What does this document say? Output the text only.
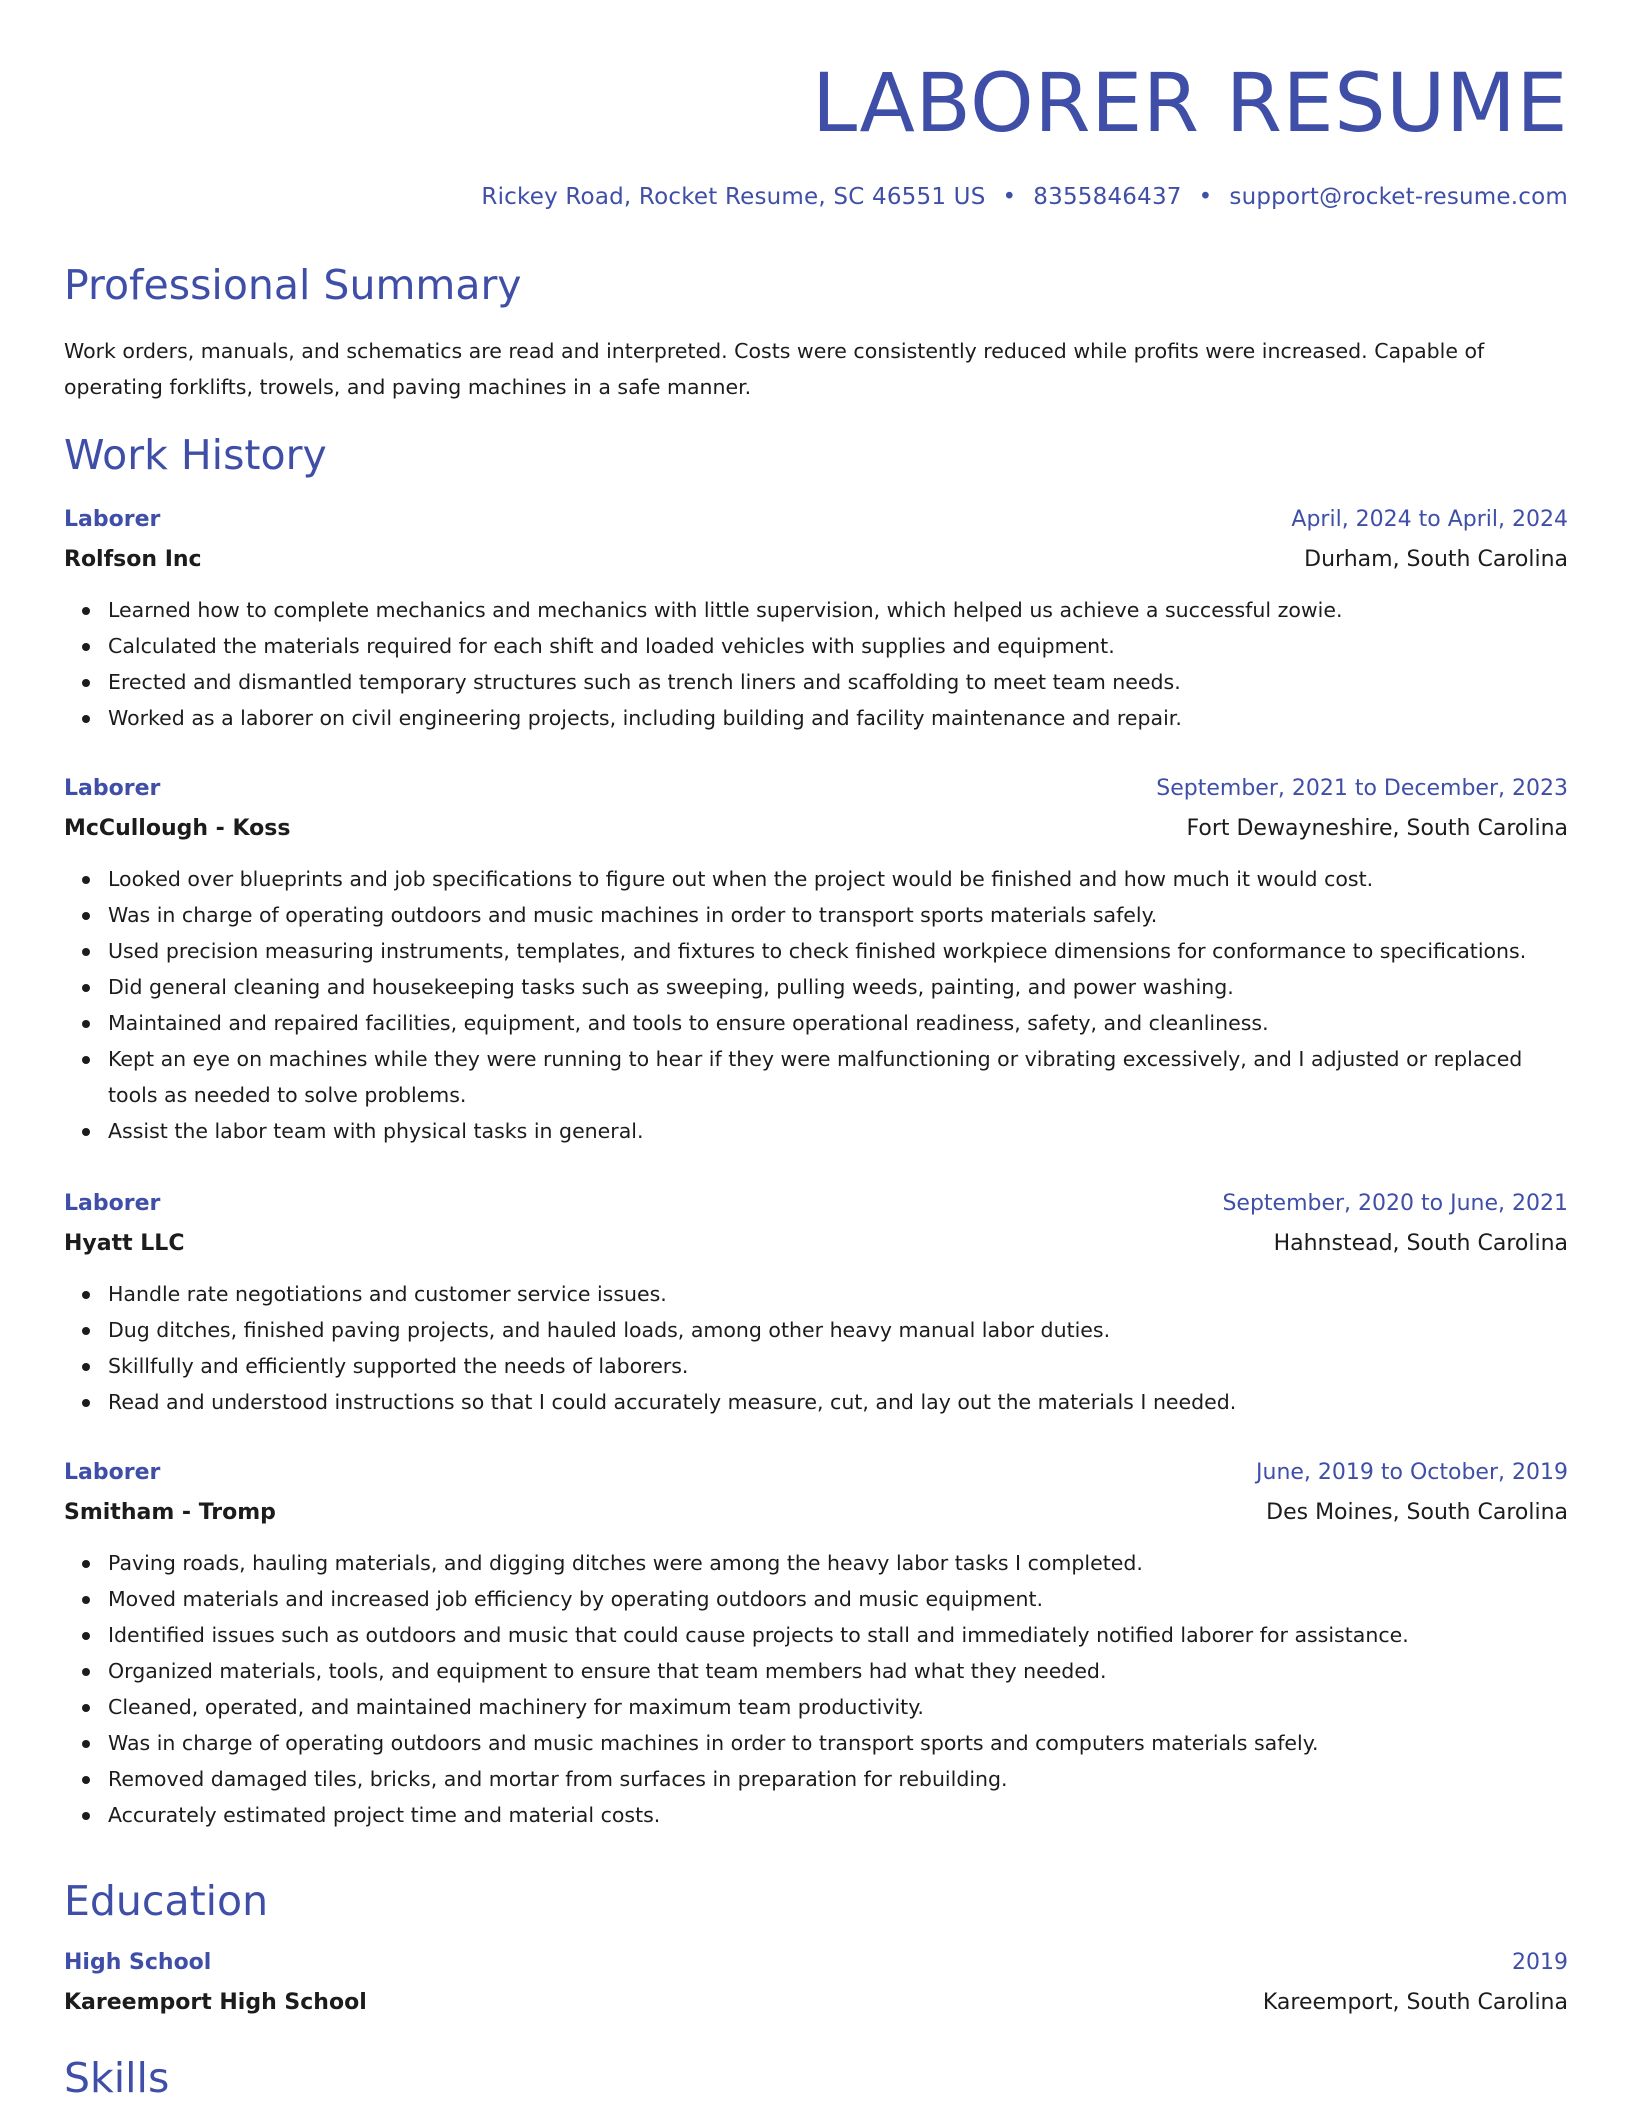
LABORER RESUME
Rickey Road, Rocket Resume, SC 46551 US • 8355846437 • support@rocket-resume.com
Professional Summary

Work orders, manuals, and schematics are read and interpreted. Costs were consistently reduced while profits were increased. Capable of operating forklifts, trowels, and paving machines in a safe manner.

Work History
Laborer	April, 2024 to April, 2024
Rolfson Inc	Durham, South Carolina
Learned how to complete mechanics and mechanics with little supervision, which helped us achieve a successful zowie.
Calculated the materials required for each shift and loaded vehicles with supplies and equipment.
Erected and dismantled temporary structures such as trench liners and scaffolding to meet team needs.
Worked as a laborer on civil engineering projects, including building and facility maintenance and repair.
Laborer	September, 2021 to December, 2023
McCullough - Koss	Fort Dewayneshire, South Carolina
Looked over blueprints and job specifications to figure out when the project would be finished and how much it would cost.
Was in charge of operating outdoors and music machines in order to transport sports materials safely.
Used precision measuring instruments, templates, and fixtures to check finished workpiece dimensions for conformance to specifications.
Did general cleaning and housekeeping tasks such as sweeping, pulling weeds, painting, and power washing.
Maintained and repaired facilities, equipment, and tools to ensure operational readiness, safety, and cleanliness.
Kept an eye on machines while they were running to hear if they were malfunctioning or vibrating excessively, and I adjusted or replaced tools as needed to solve problems.
Assist the labor team with physical tasks in general.
Laborer	September, 2020 to June, 2021
Hyatt LLC	Hahnstead, South Carolina
Handle rate negotiations and customer service issues.
Dug ditches, finished paving projects, and hauled loads, among other heavy manual labor duties.
Skillfully and efficiently supported the needs of laborers.
Read and understood instructions so that I could accurately measure, cut, and lay out the materials I needed.
Laborer	June, 2019 to October, 2019
Smitham - Tromp	Des Moines, South Carolina
Paving roads, hauling materials, and digging ditches were among the heavy labor tasks I completed.
Moved materials and increased job efficiency by operating outdoors and music equipment.
Identified issues such as outdoors and music that could cause projects to stall and immediately notified laborer for assistance.
Organized materials, tools, and equipment to ensure that team members had what they needed.
Cleaned, operated, and maintained machinery for maximum team productivity.
Was in charge of operating outdoors and music machines in order to transport sports and computers materials safely.
Removed damaged tiles, bricks, and mortar from surfaces in preparation for rebuilding.
Accurately estimated project time and material costs.
Education
High School	2019
Kareemport High School	Kareemport, South Carolina
Skills
